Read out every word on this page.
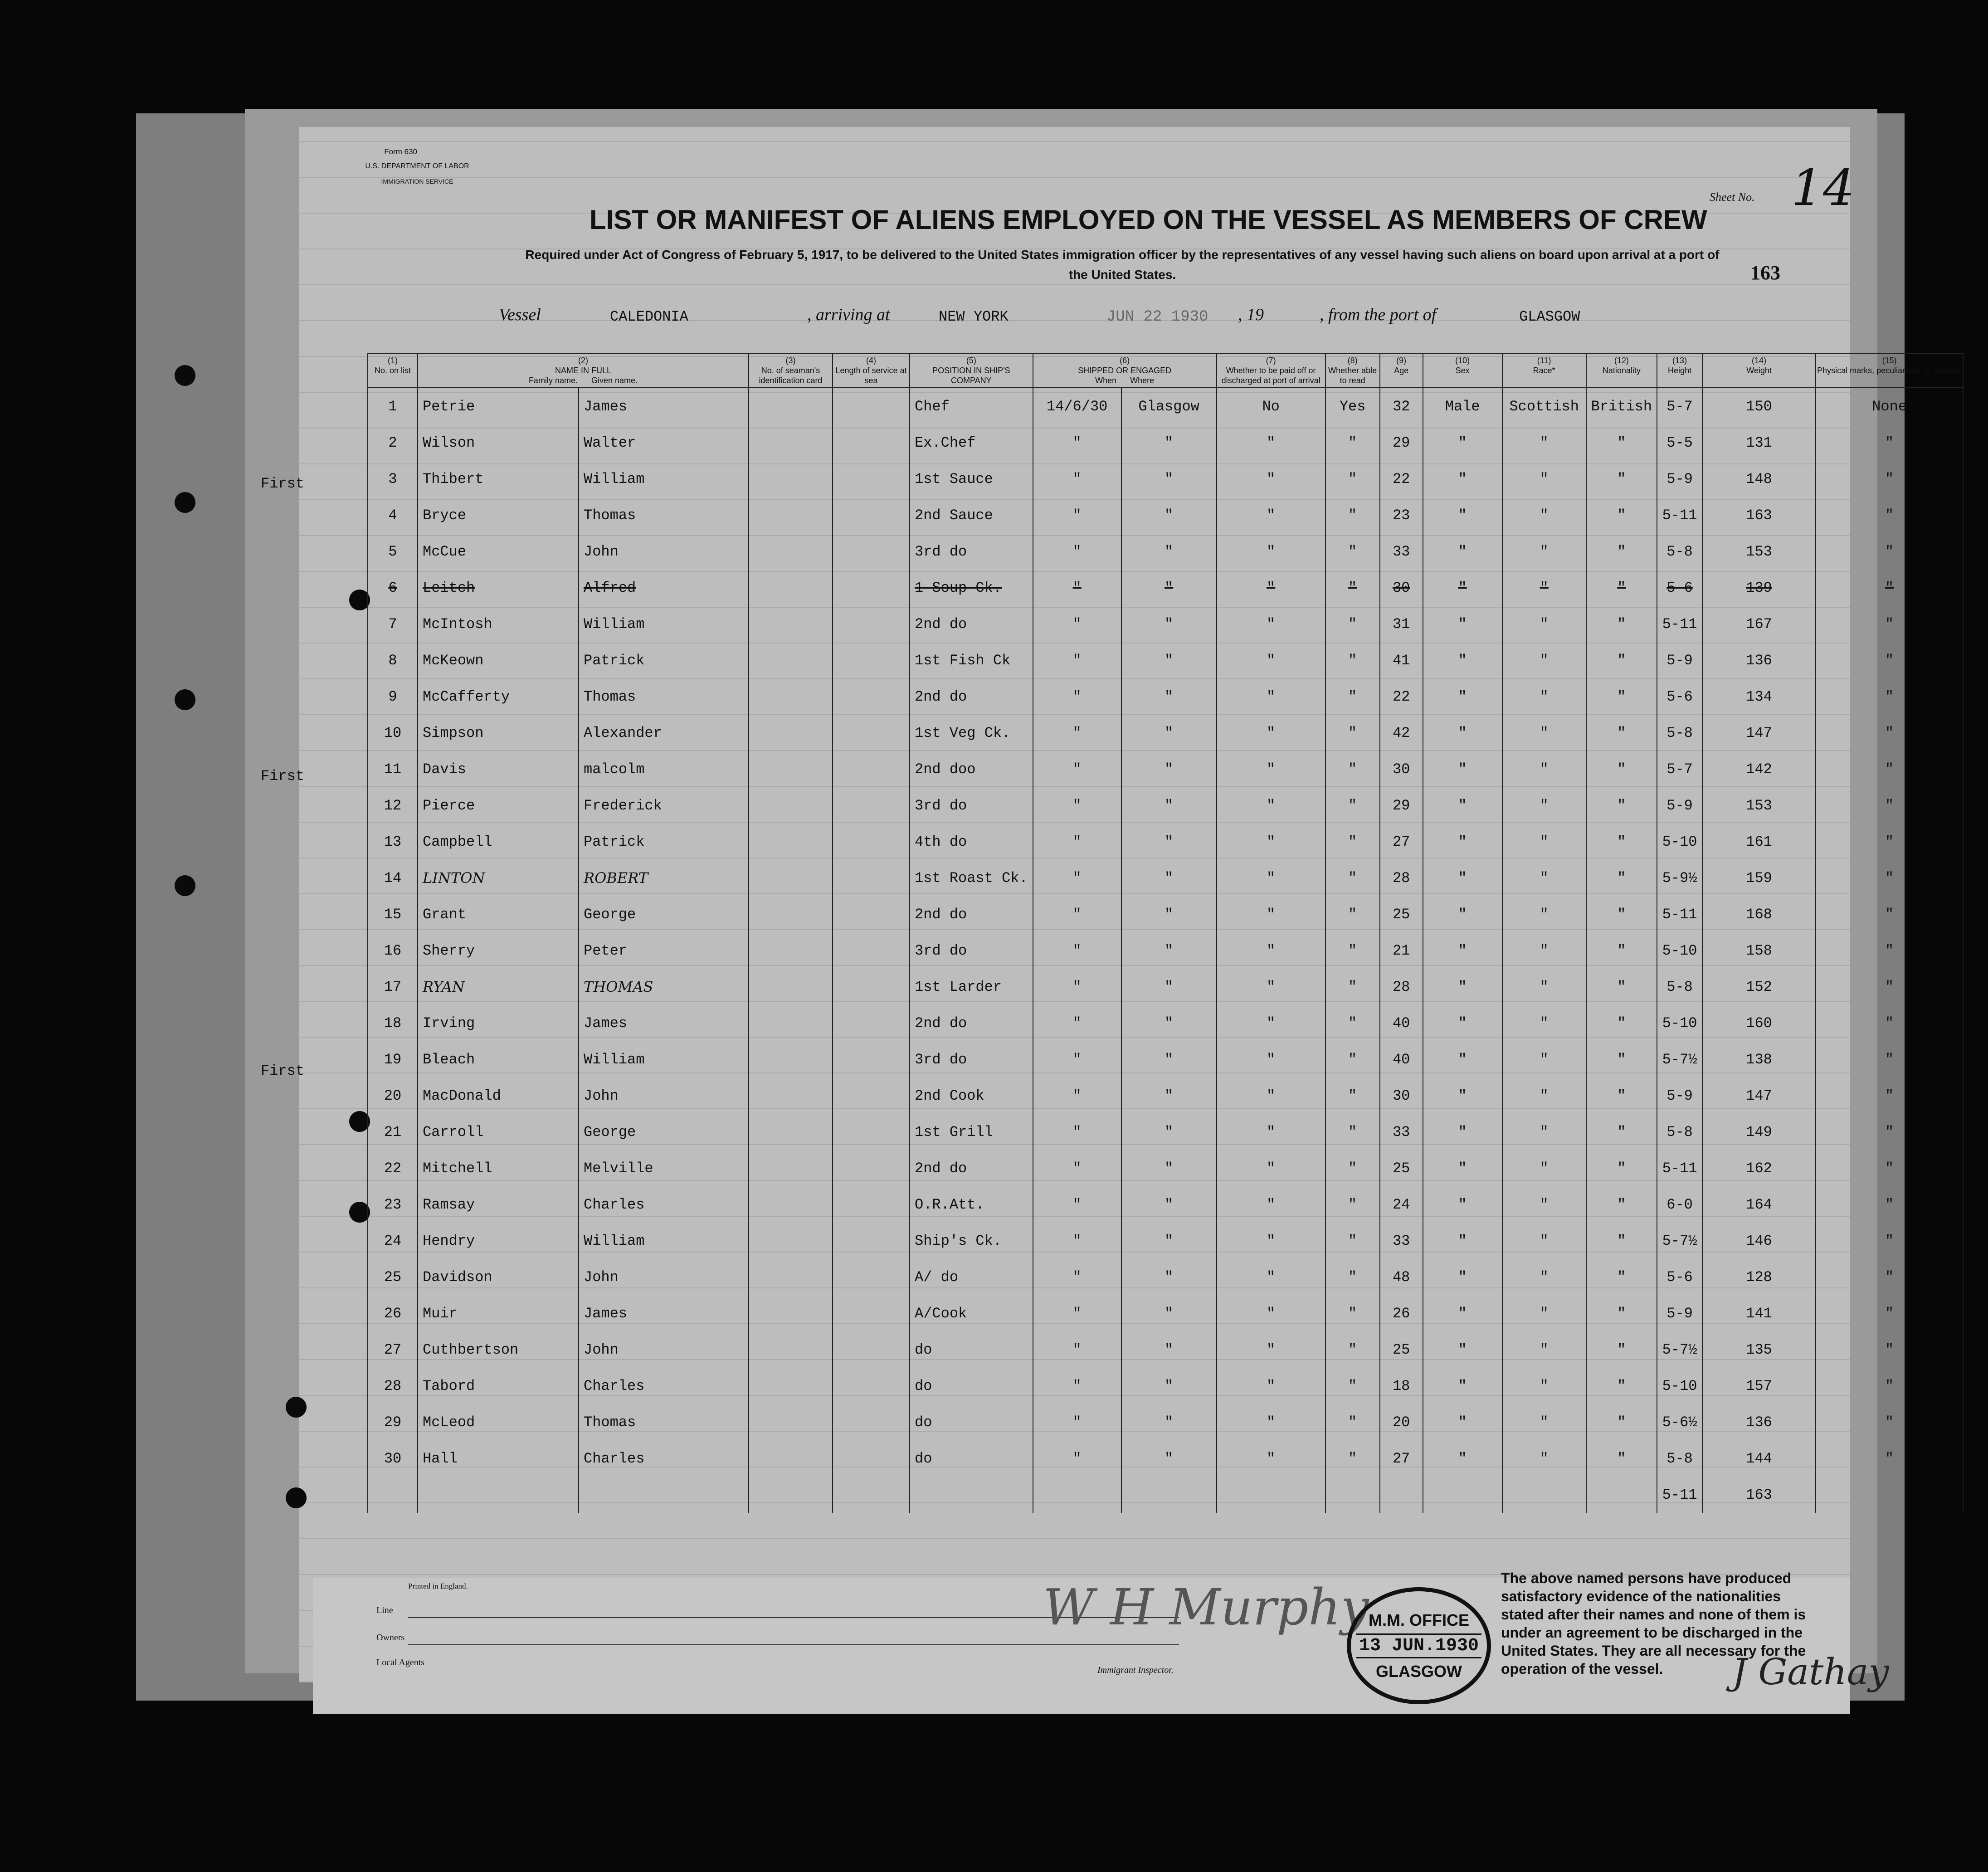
Form 630
U.S. DEPARTMENT OF LABOR
IMMIGRATION SERVICE
Sheet No. 14
LIST OR MANIFEST OF ALIENS EMPLOYED ON THE VESSEL AS MEMBERS OF CREW
Required under Act of Congress of February 5, 1917, to be delivered to the United States immigration officer by the representatives of any vessel having such aliens on board upon arrival at a port of the United States.	163
Vessel	CALEDONIA	, arriving at	NEW YORK	JUN 22 1930 , 19	, from the port of	GLASGOW
(1)
No. on list	(2)
NAME IN FULL
Family name. Given name.		(3)
No. of seaman's identification card	(4)
Length of service at sea	(5)
POSITION IN SHIP'S COMPANY	(6)
SHIPPED OR ENGAGED
When Where		(7)
Whether to be paid off or discharged at port of arrival	(8)
Whether able to read	(9)
Age	(10)
Sex	(11)
Race*	(12)
Nationality	(13)
Height	(14)
Weight	(15)
Physical marks, peculiarities, or disease
1	Petrie	James			Chef	14/6/30	Glasgow	No	Yes	32	Male	Scottish	British	5-7	150	None
2	Wilson	Walter			Ex.Chef	"	"	"	"	29	"	"	"	5-5	131	"
3	Thibert	William			1st Sauce	"	"	"	"	22	"	"	"	5-9	148	"
4	Bryce	Thomas			2nd Sauce	"	"	"	"	23	"	"	"	5-11	163	"
5	McCue	John			3rd do	"	"	"	"	33	"	"	"	5-8	153	"
6	Leitch	Alfred			1 Soup Ck.	"	"	"	"	30	"	"	"	5-6	139	"
7	McIntosh	William			2nd do	"	"	"	"	31	"	"	"	5-11	167	"
8	McKeown	Patrick			1st Fish Ck	"	"	"	"	41	"	"	"	5-9	136	"
9	McCafferty	Thomas			2nd do	"	"	"	"	22	"	"	"	5-6	134	"
10	Simpson	Alexander			1st Veg Ck.	"	"	"	"	42	"	"	"	5-8	147	"
11	Davis	malcolm			2nd doo	"	"	"	"	30	"	"	"	5-7	142	"
12	Pierce	Frederick			3rd do	"	"	"	"	29	"	"	"	5-9	153	"
13	Campbell	Patrick			4th do	"	"	"	"	27	"	"	"	5-10	161	"
14	LINTON	ROBERT			1st Roast Ck.	"	"	"	"	28	"	"	"	5-9½	159	"
15	Grant	George			2nd do	"	"	"	"	25	"	"	"	5-11	168	"
16	Sherry	Peter			3rd do	"	"	"	"	21	"	"	"	5-10	158	"
17	RYAN	THOMAS			1st Larder	"	"	"	"	28	"	"	"	5-8	152	"
18	Irving	James			2nd do	"	"	"	"	40	"	"	"	5-10	160	"
19	Bleach	William			3rd do	"	"	"	"	40	"	"	"	5-7½	138	"
20	MacDonald	John			2nd Cook	"	"	"	"	30	"	"	"	5-9	147	"
21	Carroll	George			1st Grill	"	"	"	"	33	"	"	"	5-8	149	"
22	Mitchell	Melville			2nd do	"	"	"	"	25	"	"	"	5-11	162	"
23	Ramsay	Charles			O.R.Att.	"	"	"	"	24	"	"	"	6-0	164	"
24	Hendry	William			Ship's Ck.	"	"	"	"	33	"	"	"	5-7½	146	"
25	Davidson	John			A/ do	"	"	"	"	48	"	"	"	5-6	128	"
26	Muir	James			A/Cook	"	"	"	"	26	"	"	"	5-9	141	"
27	Cuthbertson	John			do	"	"	"	"	25	"	"	"	5-7½	135	"
28	Tabord	Charles			do	"	"	"	"	18	"	"	"	5-10	157	"
29	McLeod	Thomas			do	"	"	"	"	20	"	"	"	5-6½	136	"
30	Hall	Charles			do	"	"	"	"	27	"	"	"	5-8	144	"
														5-11	163	
First
First
First
Printed in England.
Line
Owners
Local Agents
W H Murphy
Immigrant Inspector.
M.M. OFFICE
13 JUN.1930
GLASGOW
The above named persons have produced satisfactory evidence of the nationalities stated after their names and none of them is under an agreement to be discharged in the United States. They are all necessary for the operation of the vessel.	J Gathay
